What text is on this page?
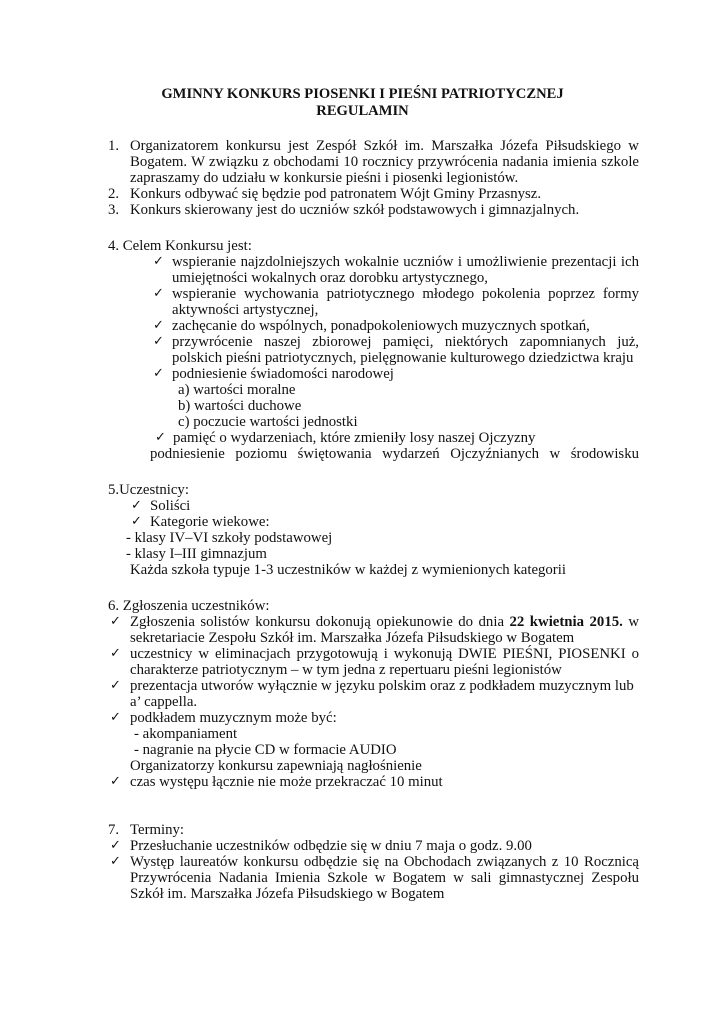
GMINNY KONKURS PIOSENKI I PIEŚNI PATRIOTYCZNEJ
REGULAMIN
1. Organizatorem konkursu jest Zespół Szkół im. Marszałka Józefa Piłsudskiego w
Bogatem. W związku z obchodami 10 rocznicy przywrócenia nadania imienia szkole
zapraszamy do udziału w konkursie pieśni i piosenki legionistów.
2. Konkurs odbywać się będzie pod patronatem Wójt Gminy Przasnysz.
3. Konkurs skierowany jest do uczniów szkół podstawowych i gimnazjalnych.
4. Celem Konkursu jest:
✓ wspieranie najzdolniejszych wokalnie uczniów i umożliwienie prezentacji ich
umiejętności wokalnych oraz dorobku artystycznego,
✓ wspieranie wychowania patriotycznego młodego pokolenia poprzez formy
aktywności artystycznej,
✓ zachęcanie do wspólnych, ponadpokoleniowych muzycznych spotkań,
✓ przywrócenie naszej zbiorowej pamięci, niektórych zapomnianych już,
polskich pieśni patriotycznych, pielęgnowanie kulturowego dziedzictwa kraju
✓ podniesienie świadomości narodowej
a) wartości moralne
b) wartości duchowe
c) poczucie wartości jednostki
✓ pamięć o wydarzeniach, które zmieniły losy naszej Ojczyzny
podniesienie poziomu świętowania wydarzeń Ojczyźnianych w środowisku
5.Uczestnicy:
✓ Soliści
✓ Kategorie wiekowe:
- klasy IV–VI szkoły podstawowej
- klasy I–III gimnazjum
Każda szkoła typuje 1-3 uczestników w każdej z wymienionych kategorii
6. Zgłoszenia uczestników:
✓ Zgłoszenia solistów konkursu dokonują opiekunowie do dnia 22 kwietnia 2015. w
sekretariacie Zespołu Szkół im. Marszałka Józefa Piłsudskiego w Bogatem
✓ uczestnicy w eliminacjach przygotowują i wykonują DWIE PIEŚNI, PIOSENKI o
charakterze patriotycznym – w tym jedna z repertuaru pieśni legionistów
✓ prezentacja utworów wyłącznie w języku polskim oraz z podkładem muzycznym lub
a’ cappella.
✓ podkładem muzycznym może być:
- akompaniament
- nagranie na płycie CD w formacie AUDIO
Organizatorzy konkursu zapewniają nagłośnienie
✓ czas występu łącznie nie może przekraczać 10 minut
7. Terminy:
✓ Przesłuchanie uczestników odbędzie się w dniu 7 maja o godz. 9.00
✓ Występ laureatów konkursu odbędzie się na Obchodach związanych z 10 Rocznicą
Przywrócenia Nadania Imienia Szkole w Bogatem w sali gimnastycznej Zespołu
Szkół im. Marszałka Józefa Piłsudskiego w Bogatem
